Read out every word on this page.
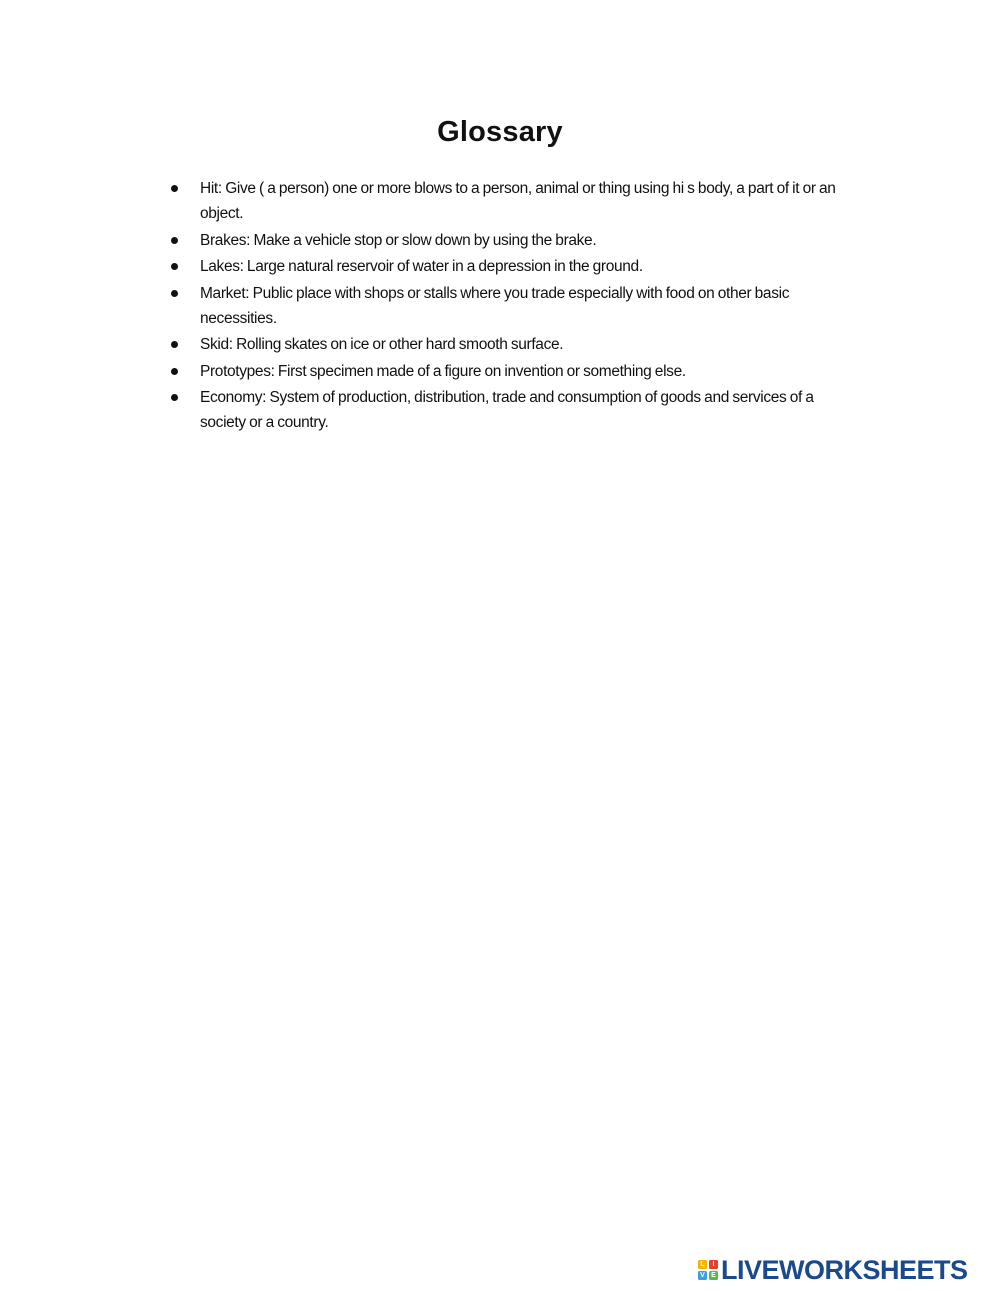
Glossary
Hit: Give ( a person) one or more blows to a person, animal or thing using hi s body, a part of it or an object.
Brakes: Make a vehicle stop or slow down by using the brake.
Lakes: Large natural reservoir of water in a depression in the ground.
Market: Public place with shops or stalls where you trade especially with food on other basic necessities.
Skid: Rolling skates on ice or other hard smooth surface.
Prototypes: First specimen made of a figure on invention or something else.
Economy: System of production, distribution, trade and consumption of goods and services of a society or a country.
L	I
V E LIVEWORKSHEETS
